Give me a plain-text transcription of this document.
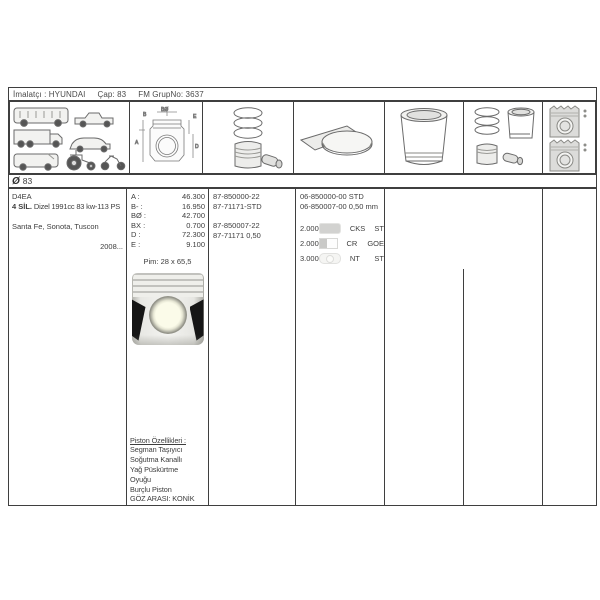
İmalatçı : HYUNDAI Çap: 83 FM GrupNo: 3637
B
BØ
E
A
D
Ø 83
D4EA
4 SİL. Dizel 1991cc 83 kw-113 PS
Santa Fe, Sonota, Tuscon
2008...
A :	46.300
B- :	16.950
BØ :	42.700
BX :	0.700
D :	72.300
E :	9.100
Pim: 28 x 65,5
Piston Özellikleri :
Segman Taşıyıcı
Soğutma Kanallı
Yağ Püskürtme
Oyuğu
Burçlu Piston
GÖZ ARASI: KONİK
87-850000-22
87-71171-STD
87-850007-22
87-71171 0,50
06-850000-00 STD
06-850007-00 0,50 mm
2.000	CKS	ST
2.000	CR	GOE
3.000	NT	ST
